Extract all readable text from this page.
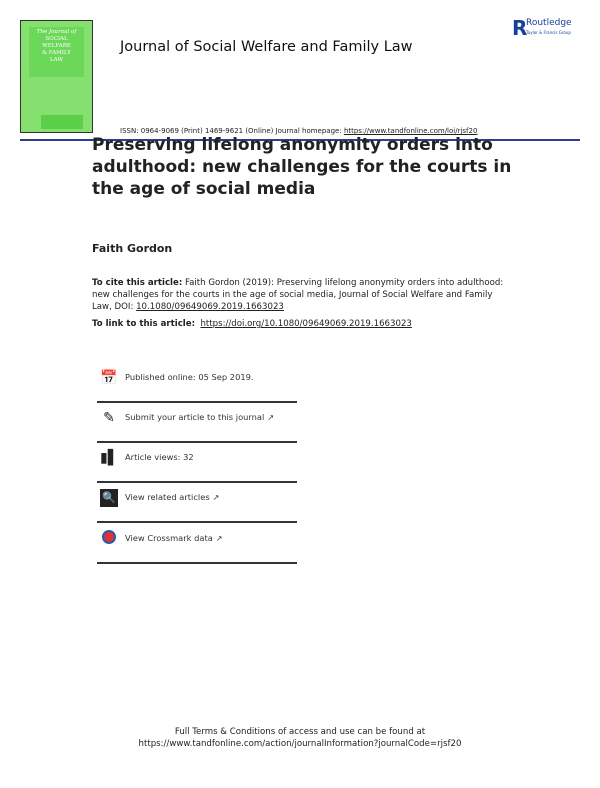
The Journal of
SOCIAL
WELFARE
& FAMILY
LAW
Journal of Social Welfare and Family Law
R
Routledge
Taylor & Francis Group
ISSN: 0964-9069 (Print) 1469-9621 (Online) Journal homepage: https://www.tandfonline.com/loi/rjsf20
Preserving lifelong anonymity orders into adulthood: new challenges for the courts in the age of social media
Faith Gordon
To cite this article: Faith Gordon (2019): Preserving lifelong anonymity orders into adulthood: new challenges for the courts in the age of social media, Journal of Social Welfare and Family Law, DOI: 10.1080/09649069.2019.1663023
To link to this article: https://doi.org/10.1080/09649069.2019.1663023
📅 Published online: 05 Sep 2019.
✎	Submit your article to this journal ↗
▮▌ Article views: 32
🔍 View related articles ↗
View Crossmark data ↗
Full Terms & Conditions of access and use can be found at
https://www.tandfonline.com/action/journalInformation?journalCode=rjsf20
